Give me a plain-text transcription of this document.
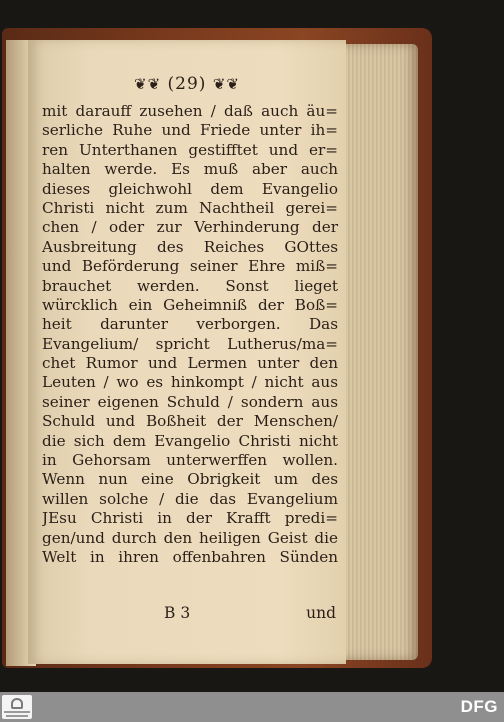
❦❦ (29) ❦❦
mit darauff zusehen / daß auch äu=
serliche Ruhe und Friede unter ih=
ren Unterthanen gestifftet und er=
halten werde. Es muß aber auch
dieses gleichwohl dem Evangelio
Christi nicht zum Nachtheil gerei=
chen / oder zur Verhinderung der
Ausbreitung des Reiches GOttes
und Beförderung seiner Ehre miß=
brauchet werden. Sonst lieget
würcklich ein Geheimniß der Boß=
heit darunter verborgen. Das
Evangelium/ spricht Lutherus/ma=
chet Rumor und Lermen unter den
Leuten / wo es hinkompt / nicht aus
seiner eigenen Schuld / sondern aus
Schuld und Boßheit der Menschen/
die sich dem Evangelio Christi nicht
in Gehorsam unterwerffen wollen.
Wenn nun eine Obrigkeit um des
willen solche / die das Evangelium
JEsu Christi in der Krafft predi=
gen/und durch den heiligen Geist die
Welt in ihren offenbahren Sünden
B 3	und
DFG
